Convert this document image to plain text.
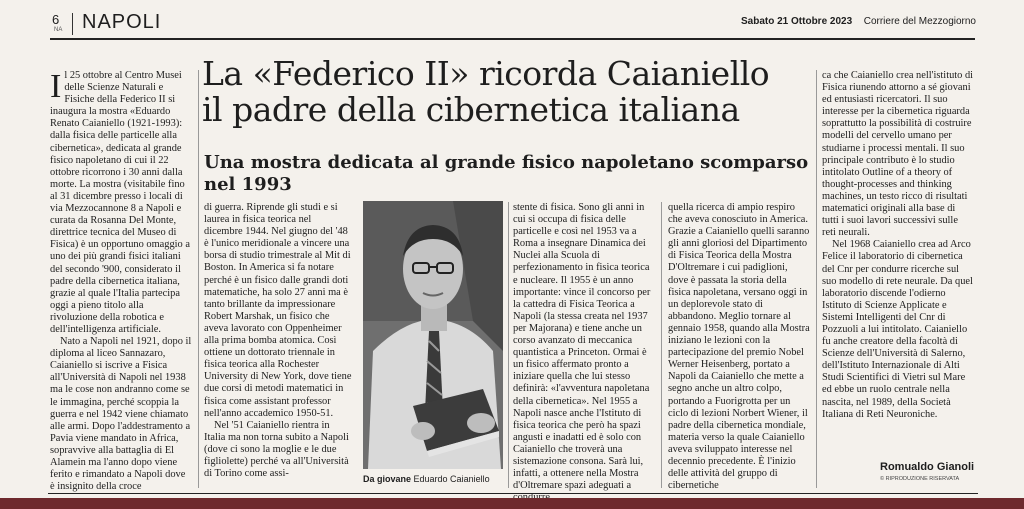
6
NA NAPOLI	Sabato 21 Ottobre 2023 Corriere del Mezzogiorno
La «Federico II» ricorda Caianiello
il padre della cibernetica italiana
Una mostra dedicata al grande fisico napoletano scomparso nel 1993

Il 25 ottobre al Centro Musei delle Scienze Naturali e Fisiche della Federico II si inaugura la mostra «Eduardo Renato Caianiello (1921-1993): dalla fisica delle particelle alla cibernetica», dedicata al grande fisico napoletano di cui il 22 ottobre ricorrono i 30 anni dalla morte. La mostra (visitabile fino al 31 dicembre presso i locali di via Mezzocannone 8 a Napoli e curata da Rosanna Del Monte, direttrice tecnica del Museo di Fisica) è un opportuno omaggio a uno dei più grandi fisici italiani del secondo '900, considerato il padre della cibernetica italiana, grazie al quale l'Italia partecipa oggi a pieno titolo alla rivoluzione della robotica e dell'intelligenza artificiale.

Nato a Napoli nel 1921, dopo il diploma al liceo Sannazaro, Caianiello si iscrive a Fisica all'Università di Napoli nel 1938 ma le cose non andranno come se le immagina, perché scoppia la guerra e nel 1942 viene chiamato alle armi. Dopo l'addestramento a Pavia viene mandato in Africa, sopravvive alla battaglia di El Alamein ma l'anno dopo viene ferito e rimandato a Napoli dove è insignito della croce

di guerra. Riprende gli studi e si laurea in fisica teorica nel dicembre 1944. Nel giugno del '48 è l'unico meridionale a vincere una borsa di studio trimestrale al Mit di Boston. In America si fa notare perché è un fisico dalle grandi doti matematiche, ha solo 27 anni ma è tanto brillante da impressionare Robert Marshak, un fisico che aveva lavorato con Oppenheimer alla prima bomba atomica. Così ottiene un dottorato triennale in fisica teorica alla Rochester University di New York, dove tiene due corsi di metodi matematici in fisica come assistant professor nell'anno accademico 1950-51.

Nel '51 Caianiello rientra in Italia ma non torna subito a Napoli (dove ci sono la moglie e le due figliolette) perché va all'Università di Torino come assi-	Da giovane Eduardo Caianiello

stente di fisica. Sono gli anni in cui si occupa di fisica delle particelle e così nel 1953 va a Roma a insegnare Dinamica dei Nuclei alla Scuola di perfezionamento in fisica teorica e nucleare. Il 1955 è un anno importante: vince il concorso per la cattedra di Fisica Teorica a Napoli (la stessa creata nel 1937 per Majorana) e tiene anche un corso avanzato di meccanica quantistica a Princeton. Ormai è un fisico affermato pronto a iniziare quella che lui stesso definirà: «l'avventura napoletana della cibernetica». Nel 1955 a Napoli nasce anche l'Istituto di fisica teorica che però ha spazi angusti e inadatti ed è solo con Caianiello che troverà una sistemazione consona. Sarà lui, infatti, a ottenere nella Mostra d'Oltremare spazi adeguati a

quella ricerca di ampio respiro che aveva conosciuto in America. Grazie a Caianiello quelli saranno gli anni gloriosi del Dipartimento di Fisica Teorica della Mostra D'Oltremare i cui padiglioni, dove è passata la storia della fisica napoletana, versano oggi in un deplorevole stato di abbandono. Meglio tornare al gennaio 1958, quando alla Mostra iniziano le lezioni con la partecipazione del premio Nobel Werner Heisenberg, portato a Napoli da Caianiello che mette a segno anche un altro colpo, portando a Fuorigrotta per un ciclo di lezioni Norbert Wiener, il padre della cibernetica mondiale, materia verso la quale Caianiello aveva sviluppato interesse nel decennio precedente. È l'inizio delle attività del gruppo di cibernetiche

ca che Caianiello crea nell'istituto di Fisica riunendo attorno a sé giovani ed entusiasti ricercatori. Il suo interesse per la cibernetica riguarda soprattutto la possibilità di costruire modelli del cervello umano per studiarne i processi mentali. Il suo principale contributo è lo studio intitolato Outline of a theory of thought-processes and thinking machines, un testo ricco di risultati matematici originali alla base di tutti i suoi lavori successivi sulle reti neurali.

Nel 1968 Caianiello crea ad Arco Felice il laboratorio di cibernetica del Cnr per condurre ricerche sul suo modello di rete neurale. Da quel laboratorio discende l'odierno Istituto di Scienze Applicate e Sistemi Intelligenti del Cnr di Pozzuoli a lui intitolato. Caianiello fu anche creatore della facoltà di Scienze dell'Università di Salerno, dell'Istituto Internazionale di Alti Studi Scientifici di Vietri sul Mare ed ebbe un ruolo centrale nella nascita, nel 1989, della Società Italiana di Reti Neuroniche.

Romualdo Gianoli
© RIPRODUZIONE RISERVATA
